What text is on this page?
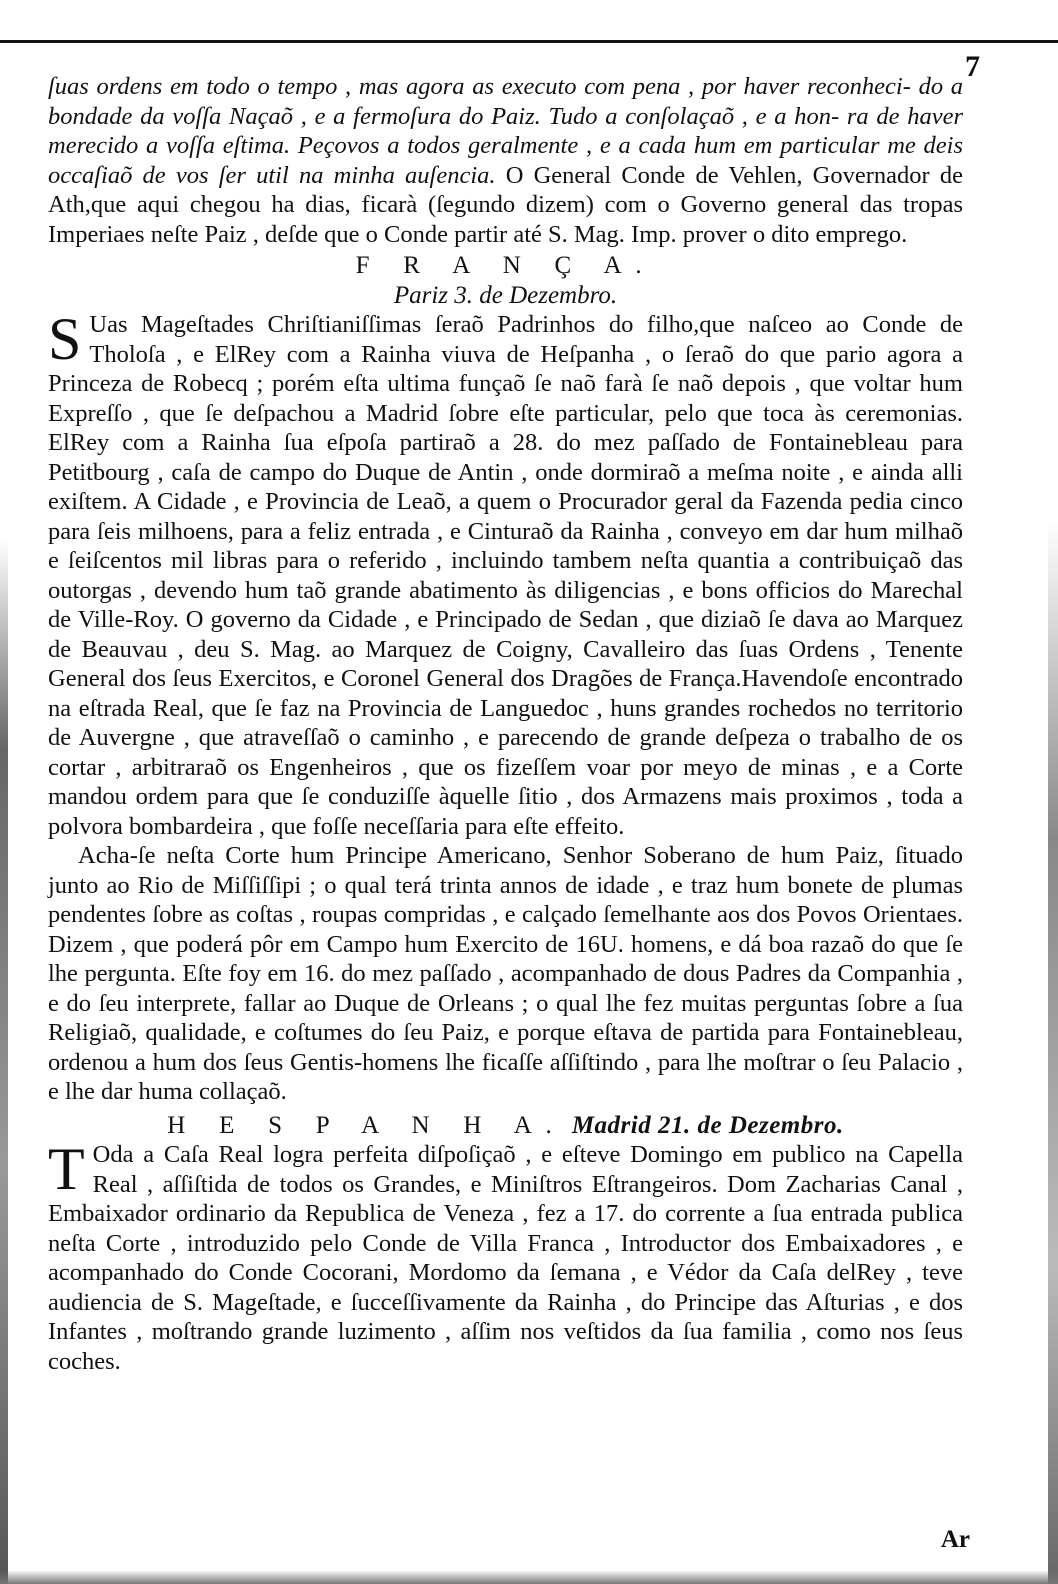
7

ſuas ordens em todo o tempo , mas agora as executo com pena , por haver reconheci- do a bondade da voſſa Naçaõ , e a fermoſura do Paiz. Tudo a conſolaçaõ , e a hon- ra de haver merecido a voſſa eſtima. Peçovos a todos geralmente , e a cada hum em particular me deis occaſiaõ de vos ſer util na minha auſencia. O General Conde de Vehlen, Governador de Ath,que aqui chegou ha dias, ficarà (ſegundo dizem) com o Governo general das tropas Imperiaes neſte Paiz , deſde que o Conde partir até S. Mag. Imp. prover o dito emprego.

F R A N Ç A.
Pariz 3. de Dezembro.

S Uas Mageſtades Chriſtianiſſimas ſeraõ Padrinhos do filho,que naſceo ao Conde de Tholoſa , e ElRey com a Rainha viuva de Heſpanha , o ſeraõ do que pario agora a Princeza de Robecq ; porém eſta ultima funçaõ ſe naõ farà ſe naõ depois , que voltar hum Expreſſo , que ſe deſpachou a Madrid ſobre eſte particular, pelo que toca às ceremonias. ElRey com a Rainha ſua eſpoſa partiraõ a 28. do mez paſſado de Fontainebleau para Petitbourg , caſa de campo do Duque de Antin , onde dormiraõ a meſma noite , e ainda alli exiſtem. A Cidade , e Provincia de Leaõ, a quem o Procurador geral da Fazenda pedia cinco para ſeis milhoens, para a feliz entrada , e Cinturaõ da Rainha , conveyo em dar hum milhaõ e ſeiſcentos mil libras para o referido , incluindo tambem neſta quantia a contribuiçaõ das outorgas , devendo hum taõ grande abatimento às diligencias , e bons officios do Marechal de Ville-Roy. O governo da Cidade , e Principado de Sedan , que diziaõ ſe dava ao Marquez de Beauvau , deu S. Mag. ao Marquez de Coigny, Cavalleiro das ſuas Ordens , Tenente General dos ſeus Exercitos, e Coronel General dos Dragões de França.Havendoſe encontrado na eſtrada Real, que ſe faz na Provincia de Languedoc , huns grandes rochedos no territorio de Auvergne , que atraveſſaõ o caminho , e parecendo de grande deſpeza o trabalho de os cortar , arbitraraõ os Engenheiros , que os fizeſſem voar por meyo de minas , e a Corte mandou ordem para que ſe conduziſſe àquelle ſitio , dos Armazens mais proximos , toda a polvora bombardeira , que foſſe neceſſaria para eſte effeito.

Acha-ſe neſta Corte hum Principe Americano, Senhor Soberano de hum Paiz, ſituado junto ao Rio de Miſſiſſipi ; o qual terá trinta annos de idade , e traz hum bonete de plumas pendentes ſobre as coſtas , roupas compridas , e calçado ſemelhante aos dos Povos Orientaes. Dizem , que poderá pôr em Campo hum Exercito de 16U. homens, e dá boa razaõ do que ſe lhe pergunta. Eſte foy em 16. do mez paſſado , acompanhado de dous Padres da Companhia , e do ſeu interprete, fallar ao Duque de Orleans ; o qual lhe fez muitas perguntas ſobre a ſua Religiaõ, qualidade, e coſtumes do ſeu Paiz, e porque eſtava de partida para Fontainebleau, ordenou a hum dos ſeus Gentis-homens lhe ficaſſe aſſiſtindo , para lhe moſtrar o ſeu Palacio , e lhe dar huma collaçaõ.

H E S P A N H A. Madrid 21. de Dezembro.

T Oda a Caſa Real logra perfeita diſpoſiçaõ , e eſteve Domingo em publico na Capella Real , aſſiſtida de todos os Grandes, e Miniſtros Eſtrangeiros. Dom Zacharias Canal , Embaixador ordinario da Republica de Veneza , fez a 17. do corrente a ſua entrada publica neſta Corte , introduzido pelo Conde de Villa Franca , Introductor dos Embaixadores , e acompanhado do Conde Cocorani, Mordomo da ſemana , e Védor da Caſa delRey , teve audiencia de S. Mageſtade, e ſucceſſivamente da Rainha , do Principe das Aſturias , e dos Infantes , moſtrando grande luzimento , aſſim nos veſtidos da ſua familia , como nos ſeus coches.

Ar
